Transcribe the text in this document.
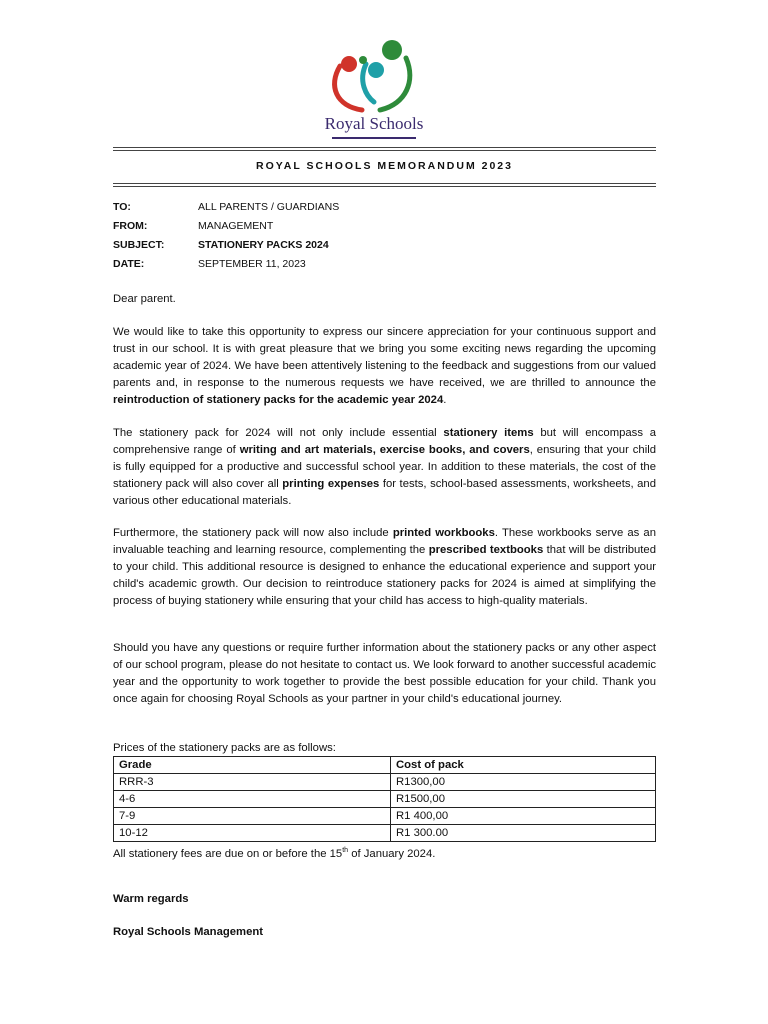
Royal Schools
ROYAL SCHOOLS MEMORANDUM 2023
TO:	ALL PARENTS / GUARDIANS
FROM:	MANAGEMENT
SUBJECT:	STATIONERY PACKS 2024
DATE:	SEPTEMBER 11, 2023

Dear parent.

We would like to take this opportunity to express our sincere appreciation for your continuous support and trust in our school. It is with great pleasure that we bring you some exciting news regarding the upcoming academic year of 2024. We have been attentively listening to the feedback and suggestions from our valued parents and, in response to the numerous requests we have received, we are thrilled to announce the reintroduction of stationery packs for the academic year 2024.

The stationery pack for 2024 will not only include essential stationery items but will encompass a comprehensive range of writing and art materials, exercise books, and covers, ensuring that your child is fully equipped for a productive and successful school year. In addition to these materials, the cost of the stationery pack will also cover all printing expenses for tests, school-based assessments, worksheets, and various other educational materials.

Furthermore, the stationery pack will now also include printed workbooks. These workbooks serve as an invaluable teaching and learning resource, complementing the prescribed textbooks that will be distributed to your child. This additional resource is designed to enhance the educational experience and support your child's academic growth. Our decision to reintroduce stationery packs for 2024 is aimed at simplifying the process of buying stationery while ensuring that your child has access to high-quality materials.

Should you have any questions or require further information about the stationery packs or any other aspect of our school program, please do not hesitate to contact us. We look forward to another successful academic year and the opportunity to work together to provide the best possible education for your child. Thank you once again for choosing Royal Schools as your partner in your child's educational journey.

Prices of the stationery packs are as follows:

Grade	Cost of pack
RRR-3	R1300,00
4-6	R1500,00
7-9	R1 400,00
10-12	R1 300.00

All stationery fees are due on or before the 15th of January 2024.

Warm regards
Royal Schools Management
